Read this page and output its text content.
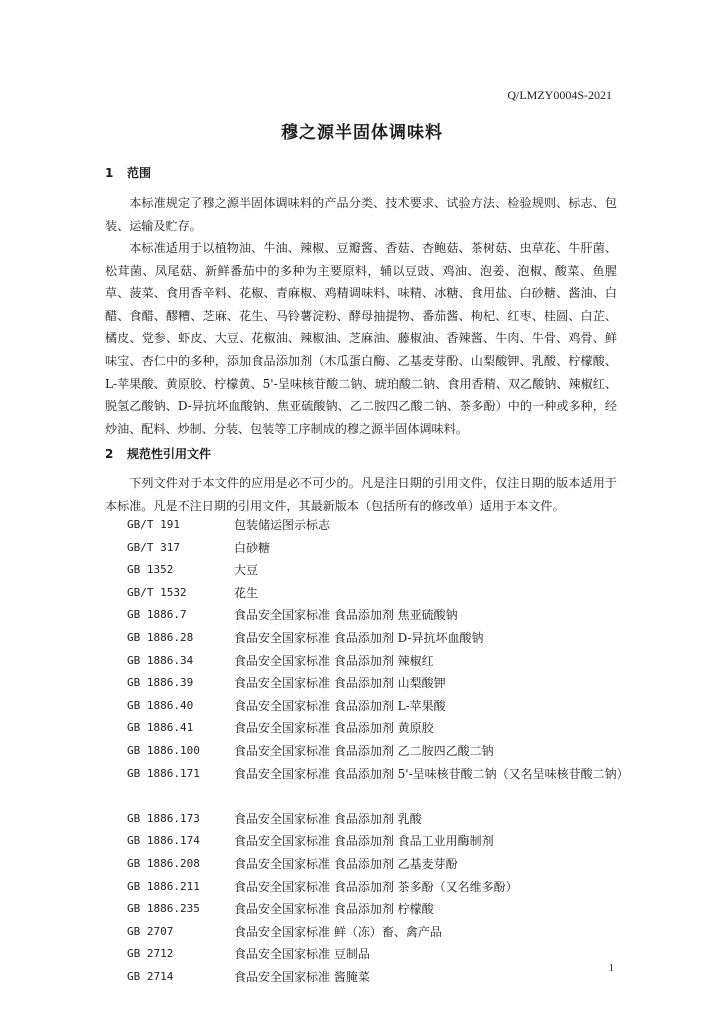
Q/LMZY0004S-2021
穆之源半固体调味料
1 范围

本标准规定了穆之源半固体调味料的产品分类、技术要求、试验方法、检验规则、标志、包装、运输及贮存。

本标准适用于以植物油、牛油、辣椒、豆瓣酱、香菇、杏鲍菇、茶树菇、虫草花、牛肝菌、松茸菌、凤尾菇、新鲜番茄中的多种为主要原料，辅以豆豉、鸡油、泡姜、泡椒、酸菜、鱼腥草、菠菜、食用香辛料、花椒、青麻椒、鸡精调味料、味精、冰糖、食用盐、白砂糖、酱油、白醋、食醋、醪糟、芝麻、花生、马铃薯淀粉、酵母抽提物、番茄酱、枸杞、红枣、桂圆、白芷、橘皮、党参、虾皮、大豆、花椒油、辣椒油、芝麻油、藤椒油、香辣酱、牛肉、牛骨、鸡骨、鲜味宝、杏仁中的多种，添加食品添加剂（木瓜蛋白酶、乙基麦芽酚、山梨酸钾、乳酸、柠檬酸、L-苹果酸、黄原胶、柠檬黄、5'-呈味核苷酸二钠、琥珀酸二钠、食用香精、双乙酸钠、辣椒红、脱氢乙酸钠、D-异抗坏血酸钠、焦亚硫酸钠、乙二胺四乙酸二钠、茶多酚）中的一种或多种，经炒油、配料、炒制、分装、包装等工序制成的穆之源半固体调味料。

2 规范性引用文件

下列文件对于本文件的应用是必不可少的。凡是注日期的引用文件，仅注日期的版本适用于本标准。凡是不注日期的引用文件，其最新版本（包括所有的修改单）适用于本文件。

GB/T 191	包装储运图示标志
GB/T 317	白砂糖
GB 1352	大豆
GB/T 1532	花生
GB 1886.7	食品安全国家标准 食品添加剂 焦亚硫酸钠
GB 1886.28	食品安全国家标准 食品添加剂 D-异抗坏血酸钠
GB 1886.34	食品安全国家标准 食品添加剂 辣椒红
GB 1886.39	食品安全国家标准 食品添加剂 山梨酸钾
GB 1886.40	食品安全国家标准 食品添加剂 L-苹果酸
GB 1886.41	食品安全国家标准 食品添加剂 黄原胶
GB 1886.100	食品安全国家标准 食品添加剂 乙二胺四乙酸二钠
GB 1886.171	食品安全国家标准 食品添加剂 5'-呈味核苷酸二钠（又名呈味核苷酸二钠）
GB 1886.173	食品安全国家标准 食品添加剂 乳酸
GB 1886.174	食品安全国家标准 食品添加剂 食品工业用酶制剂
GB 1886.208	食品安全国家标准 食品添加剂 乙基麦芽酚
GB 1886.211	食品安全国家标准 食品添加剂 茶多酚（又名维多酚）
GB 1886.235	食品安全国家标准 食品添加剂 柠檬酸
GB 2707	食品安全国家标准 鲜（冻）畜、禽产品
GB 2712	食品安全国家标准 豆制品
GB 2714	食品安全国家标准 酱腌菜
1
